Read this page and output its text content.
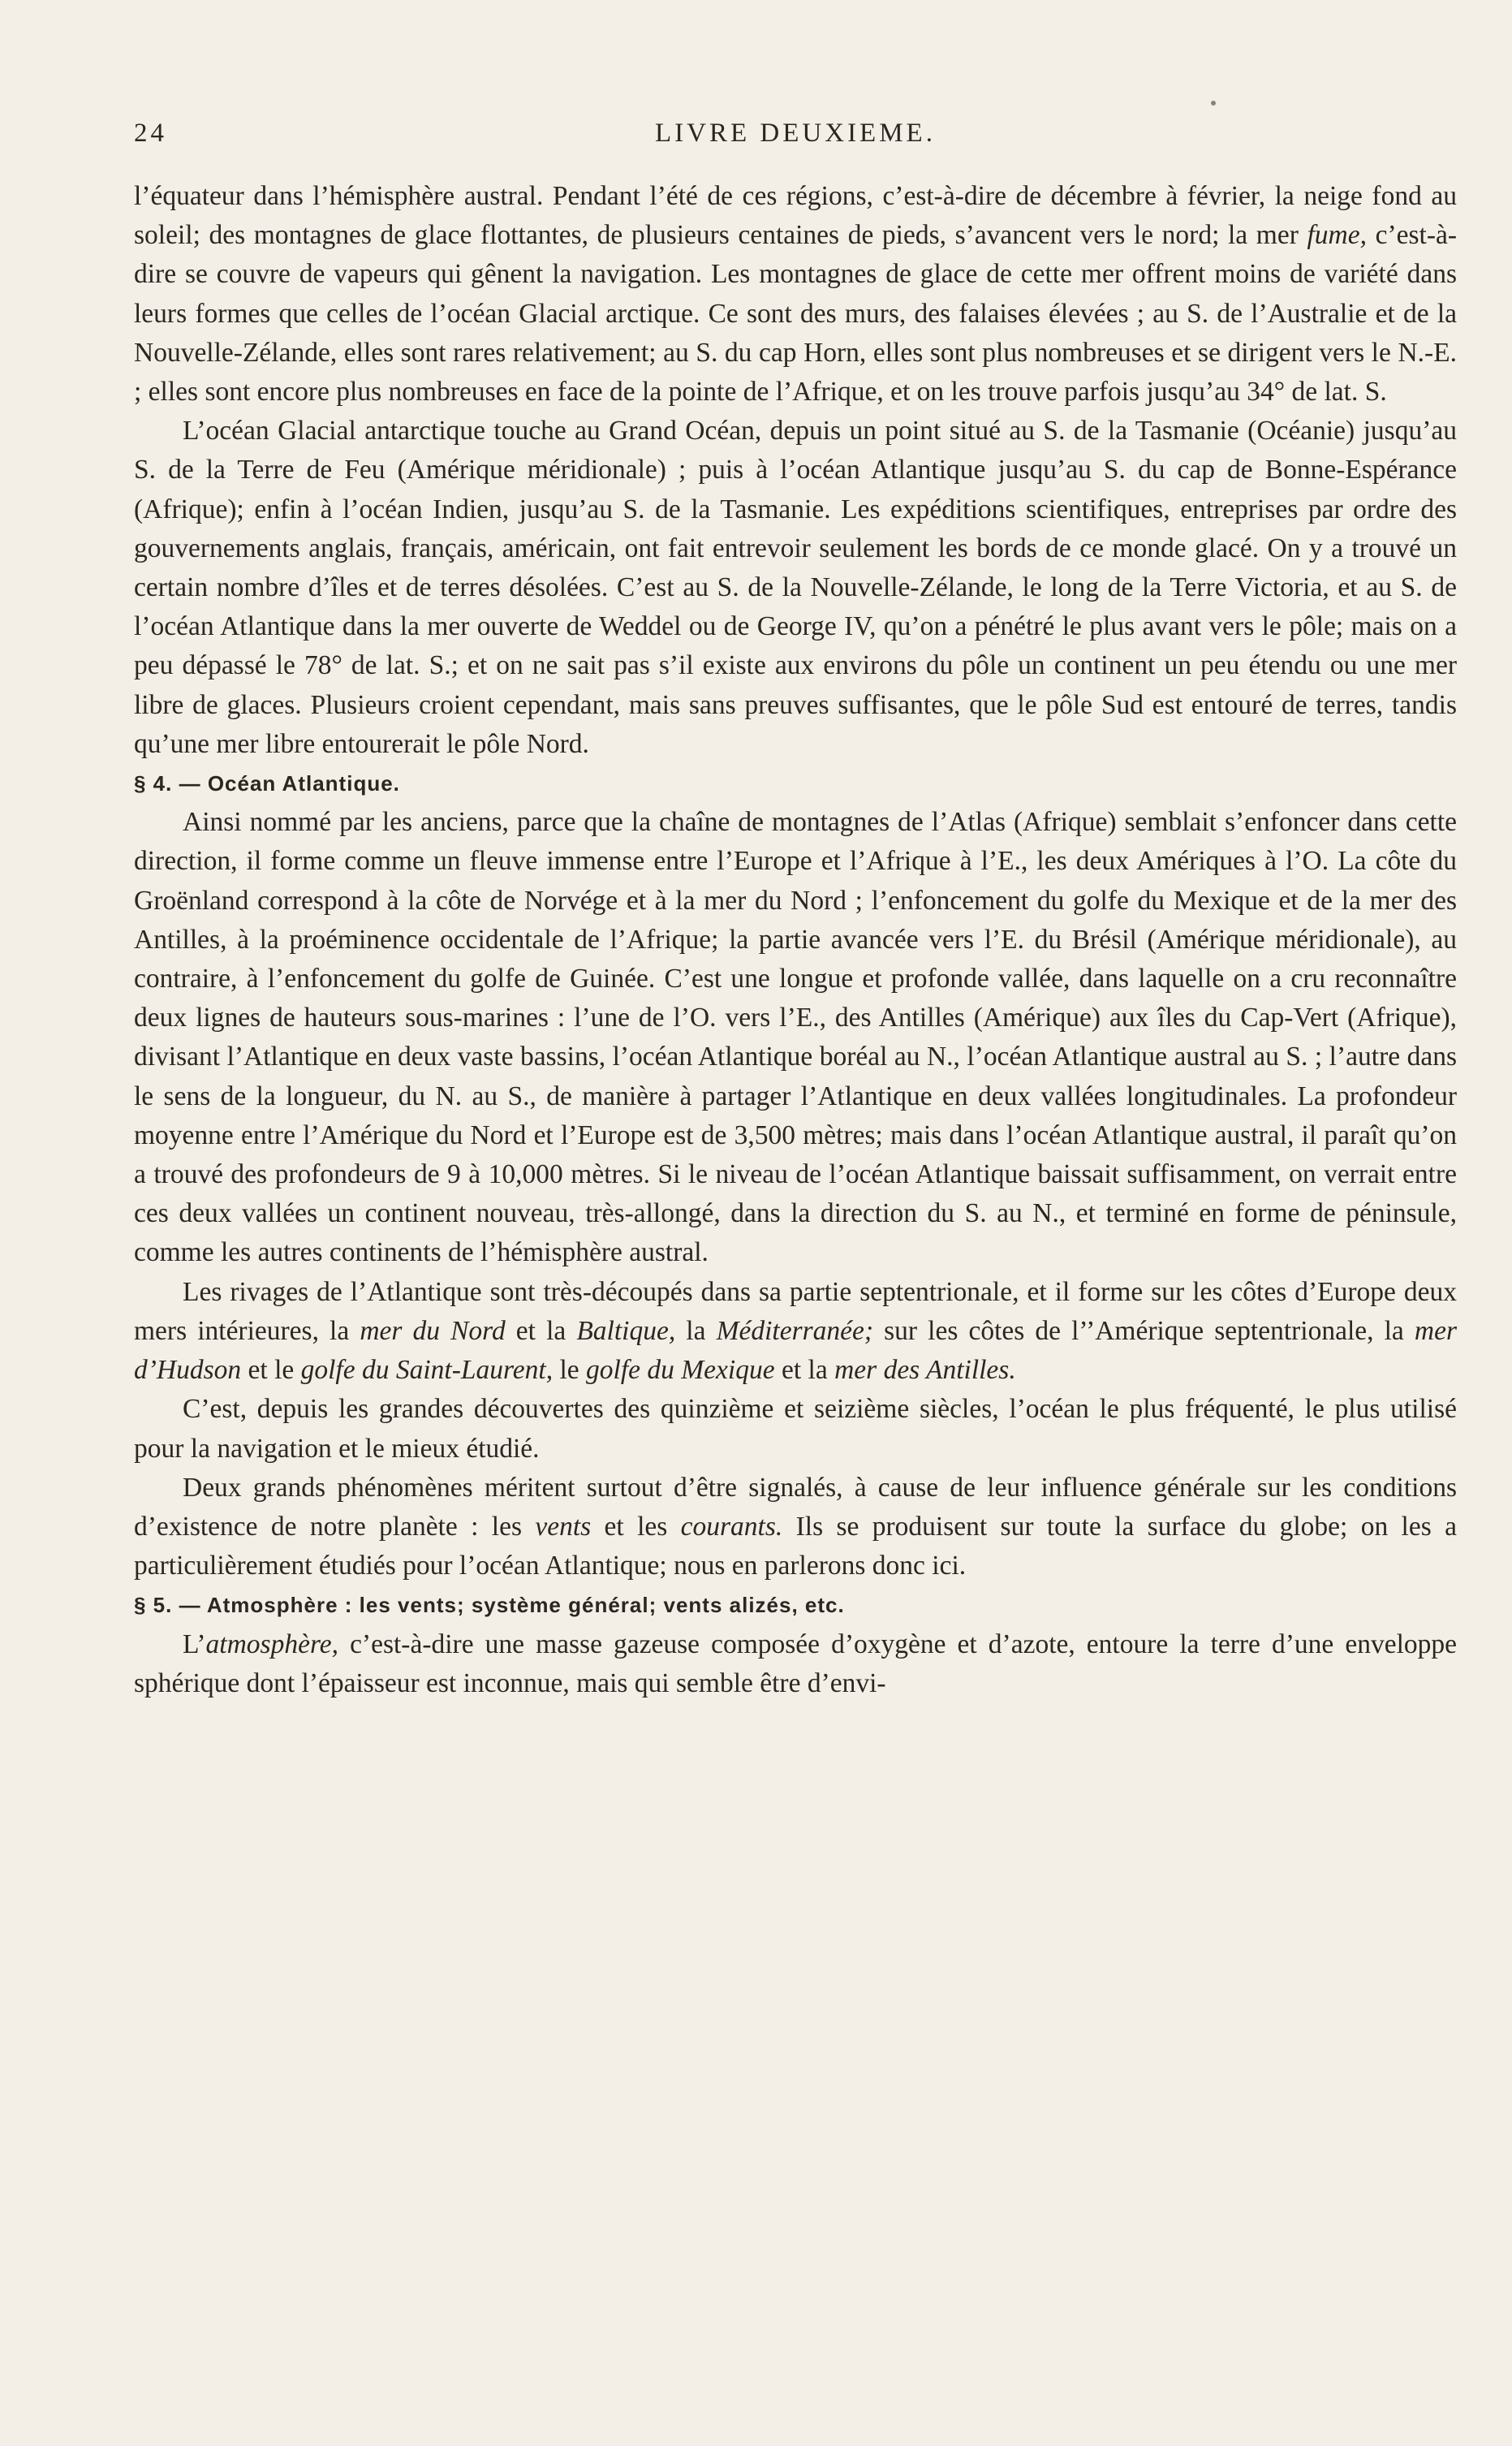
24	LIVRE DEUXIEME.

l’équateur dans l’hémisphère austral. Pendant l’été de ces régions, c’est-à-dire de décembre à février, la neige fond au soleil; des montagnes de glace flottantes, de plusieurs centaines de pieds, s’avancent vers le nord; la mer fume, c’est-à-dire se couvre de vapeurs qui gênent la navigation. Les montagnes de glace de cette mer offrent moins de variété dans leurs formes que celles de l’océan Glacial arctique. Ce sont des murs, des falaises élevées ; au S. de l’Australie et de la Nouvelle-Zélande, elles sont rares relativement; au S. du cap Horn, elles sont plus nombreuses et se dirigent vers le N.-E. ; elles sont encore plus nombreuses en face de la pointe de l’Afrique, et on les trouve parfois jusqu’au 34° de lat. S.

L’océan Glacial antarctique touche au Grand Océan, depuis un point situé au S. de la Tasmanie (Océanie) jusqu’au S. de la Terre de Feu (Amérique méridionale) ; puis à l’océan Atlantique jusqu’au S. du cap de Bonne-Espérance (Afrique); enfin à l’océan Indien, jusqu’au S. de la Tasmanie. Les expéditions scientifiques, entreprises par ordre des gouvernements anglais, français, américain, ont fait entrevoir seulement les bords de ce monde glacé. On y a trouvé un certain nombre d’îles et de terres désolées. C’est au S. de la Nouvelle-Zélande, le long de la Terre Victoria, et au S. de l’océan Atlantique dans la mer ouverte de Weddel ou de George IV, qu’on a pénétré le plus avant vers le pôle; mais on a peu dépassé le 78° de lat. S.; et on ne sait pas s’il existe aux environs du pôle un continent un peu étendu ou une mer libre de glaces. Plusieurs croient cependant, mais sans preuves suffisantes, que le pôle Sud est entouré de terres, tandis qu’une mer libre entourerait le pôle Nord.

§ 4. — Océan Atlantique.

Ainsi nommé par les anciens, parce que la chaîne de montagnes de l’Atlas (Afrique) semblait s’enfoncer dans cette direction, il forme comme un fleuve immense entre l’Europe et l’Afrique à l’E., les deux Amériques à l’O. La côte du Groënland correspond à la côte de Norvége et à la mer du Nord ; l’enfoncement du golfe du Mexique et de la mer des Antilles, à la proéminence occidentale de l’Afrique; la partie avancée vers l’E. du Brésil (Amérique méridionale), au contraire, à l’enfoncement du golfe de Guinée. C’est une longue et profonde vallée, dans laquelle on a cru reconnaître deux lignes de hauteurs sous-marines : l’une de l’O. vers l’E., des Antilles (Amérique) aux îles du Cap-Vert (Afrique), divisant l’Atlantique en deux vaste bassins, l’océan Atlantique boréal au N., l’océan Atlantique austral au S. ; l’autre dans le sens de la longueur, du N. au S., de manière à partager l’Atlantique en deux vallées longitudinales. La profondeur moyenne entre l’Amérique du Nord et l’Europe est de 3,500 mètres; mais dans l’océan Atlantique austral, il paraît qu’on a trouvé des profondeurs de 9 à 10,000 mètres. Si le niveau de l’océan Atlantique baissait suffisamment, on verrait entre ces deux vallées un continent nouveau, très-allongé, dans la direction du S. au N., et terminé en forme de péninsule, comme les autres continents de l’hémisphère austral.

Les rivages de l’Atlantique sont très-découpés dans sa partie septentrionale, et il forme sur les côtes d’Europe deux mers intérieures, la mer du Nord et la Baltique, la Méditerranée; sur les côtes de l’’Amérique septentrionale, la mer d’Hudson et le golfe du Saint-Laurent, le golfe du Mexique et la mer des Antilles.

C’est, depuis les grandes découvertes des quinzième et seizième siècles, l’océan le plus fréquenté, le plus utilisé pour la navigation et le mieux étudié.

Deux grands phénomènes méritent surtout d’être signalés, à cause de leur influence générale sur les conditions d’existence de notre planète : les vents et les courants. Ils se produisent sur toute la surface du globe; on les a particulièrement étudiés pour l’océan Atlantique; nous en parlerons donc ici.

§ 5. — Atmosphère : les vents; système général; vents alizés, etc.

L’atmosphère, c’est-à-dire une masse gazeuse composée d’oxygène et d’azote, entoure la terre d’une enveloppe sphérique dont l’épaisseur est inconnue, mais qui semble être d’envi-
